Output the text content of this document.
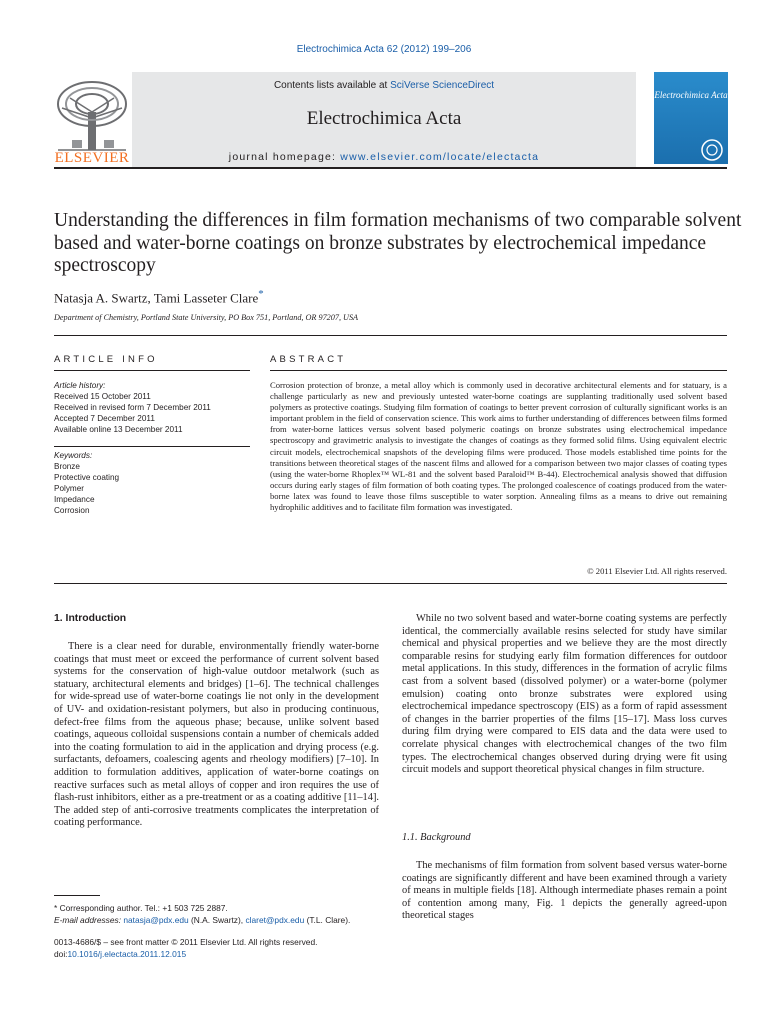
Electrochimica Acta 62 (2012) 199–206
Contents lists available at SciVerse ScienceDirect
Electrochimica Acta
journal homepage: www.elsevier.com/locate/electacta
ELSEVIER
Electrochimica Acta
Understanding the differences in film formation mechanisms of two comparable solvent based and water-borne coatings on bronze substrates by electrochemical impedance spectroscopy
Natasja A. Swartz, Tami Lasseter Clare*
Department of Chemistry, Portland State University, PO Box 751, Portland, OR 97207, USA
ARTICLE INFO
Article history:
Received 15 October 2011
Received in revised form 7 December 2011
Accepted 7 December 2011
Available online 13 December 2011
Keywords:
Bronze
Protective coating
Polymer
Impedance
Corrosion
ABSTRACT
Corrosion protection of bronze, a metal alloy which is commonly used in decorative architectural elements and for statuary, is a challenge particularly as new and previously untested water-borne coatings are supplanting traditionally used solvent based polymers as protective coatings. Studying film formation of coatings to better prevent corrosion of culturally significant works is an important problem in the field of conservation science. This work aims to further understanding of differences between films formed from water-borne lattices versus solvent based polymeric coatings on bronze substrates using electrochemical impedance spectroscopy and gravimetric analysis to investigate the changes of coatings as they formed solid films. Using equivalent electric circuit models, electrochemical snapshots of the developing films were produced. Those models established time points for the transitions between theoretical stages of the nascent films and allowed for a comparison between two major classes of coating types (using the water-borne Rhoplex™ WL-81 and the solvent based Paraloid™ B-44). Electrochemical analysis showed that diffusion occurs during early stages of film formation of both coating types. The prolonged coalescence of coatings produced from the water-borne latex was found to leave those films susceptible to water sorption. Annealing films as a means to drive out remaining hydrophilic additives and to facilitate film formation was investigated.
© 2011 Elsevier Ltd. All rights reserved.
1. Introduction

There is a clear need for durable, environmentally friendly water-borne coatings that must meet or exceed the performance of current solvent based systems for the conservation of high-value outdoor metalwork (such as statuary, architectural elements and bridges) [1–6]. The technical challenges for wide-spread use of water-borne coatings lie not only in the development of UV- and oxidation-resistant polymers, but also in producing continuous, defect-free films from the aqueous phase; because, unlike solvent based coatings, aqueous colloidal suspensions contain a number of chemicals added into the coating formulation to aid in the application and drying process (e.g. surfactants, defoamers, coalescing agents and rheology modifiers) [7–10]. In addition to formulation additives, application of water-borne coatings on reactive surfaces such as metal alloys of copper and iron requires the use of flash-rust inhibitors, either as a pre-treatment or as a coating additive [11–14]. The added step of anti-corrosive treatments complicates the interpretation of coating performance.

While no two solvent based and water-borne coating systems are perfectly identical, the commercially available resins selected for study have similar chemical and physical properties and we believe they are the most directly comparable resins for studying early film formation differences for outdoor metal applications. In this study, differences in the formation of acrylic films cast from a solvent based (dissolved polymer) or a water-borne (polymer emulsion) coating onto bronze substrates were explored using electrochemical impedance spectroscopy (EIS) as a form of rapid assessment of changes in the barrier properties of the films [15–17]. Mass loss curves during film drying were compared to EIS data and the data were used to correlate physical changes with electrochemical changes of the two film types. The electrochemical changes observed during drying were fit using circuit models and support theoretical physical changes in film structure.

1.1. Background

The mechanisms of film formation from solvent based versus water-borne coatings are significantly different and have been examined through a variety of means in multiple fields [18]. Although intermediate phases remain a point of contention among many, Fig. 1 depicts the generally agreed-upon theoretical stages

* Corresponding author. Tel.: +1 503 725 2887.
E-mail addresses: natasja@pdx.edu (N.A. Swartz), claret@pdx.edu (T.L. Clare).
0013-4686/$ – see front matter © 2011 Elsevier Ltd. All rights reserved.
doi:10.1016/j.electacta.2011.12.015
